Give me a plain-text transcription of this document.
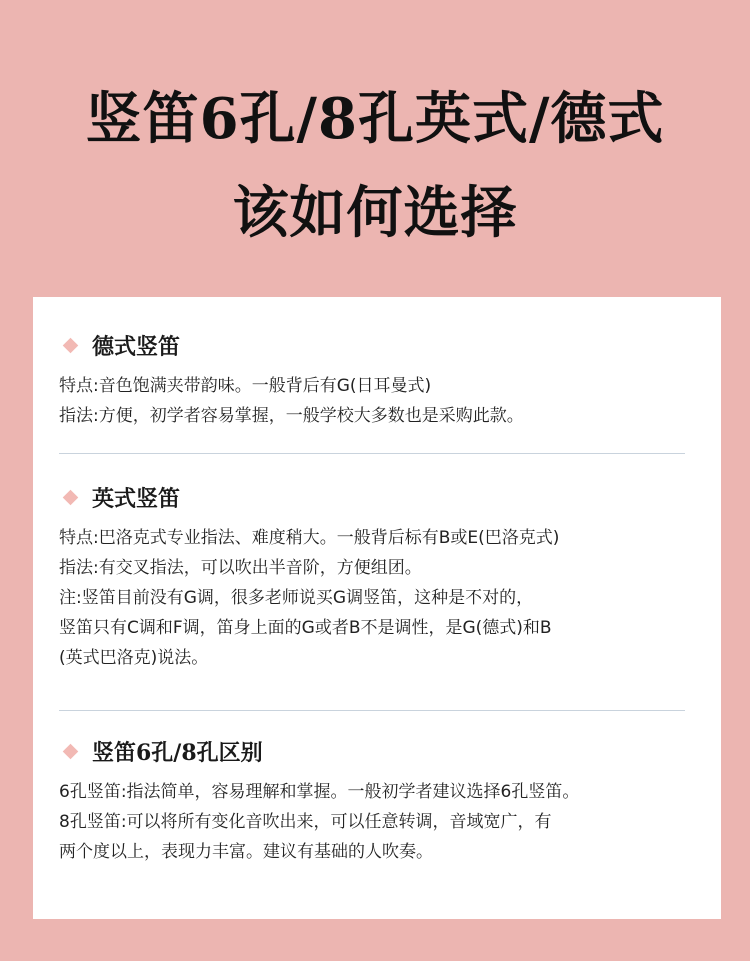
竖笛6孔/8孔英式/德式
该如何选择
德式竖笛
特点:音色饱满夹带韵味。一般背后有G(日耳曼式)
指法:方便，初学者容易掌握，一般学校大多数也是采购此款。
英式竖笛
特点:巴洛克式专业指法、难度稍大。一般背后标有B或E(巴洛克式)
指法:有交叉指法，可以吹出半音阶，方便组团。
注:竖笛目前没有G调，很多老师说买G调竖笛，这种是不对的，
竖笛只有C调和F调，笛身上面的G或者B不是调性，是G(德式)和B
(英式巴洛克)说法。
竖笛6孔/8孔区别
6孔竖笛:指法简单，容易理解和掌握。一般初学者建议选择6孔竖笛。
8孔竖笛:可以将所有变化音吹出来，可以任意转调，音域宽广，有
两个度以上，表现力丰富。建议有基础的人吹奏。
